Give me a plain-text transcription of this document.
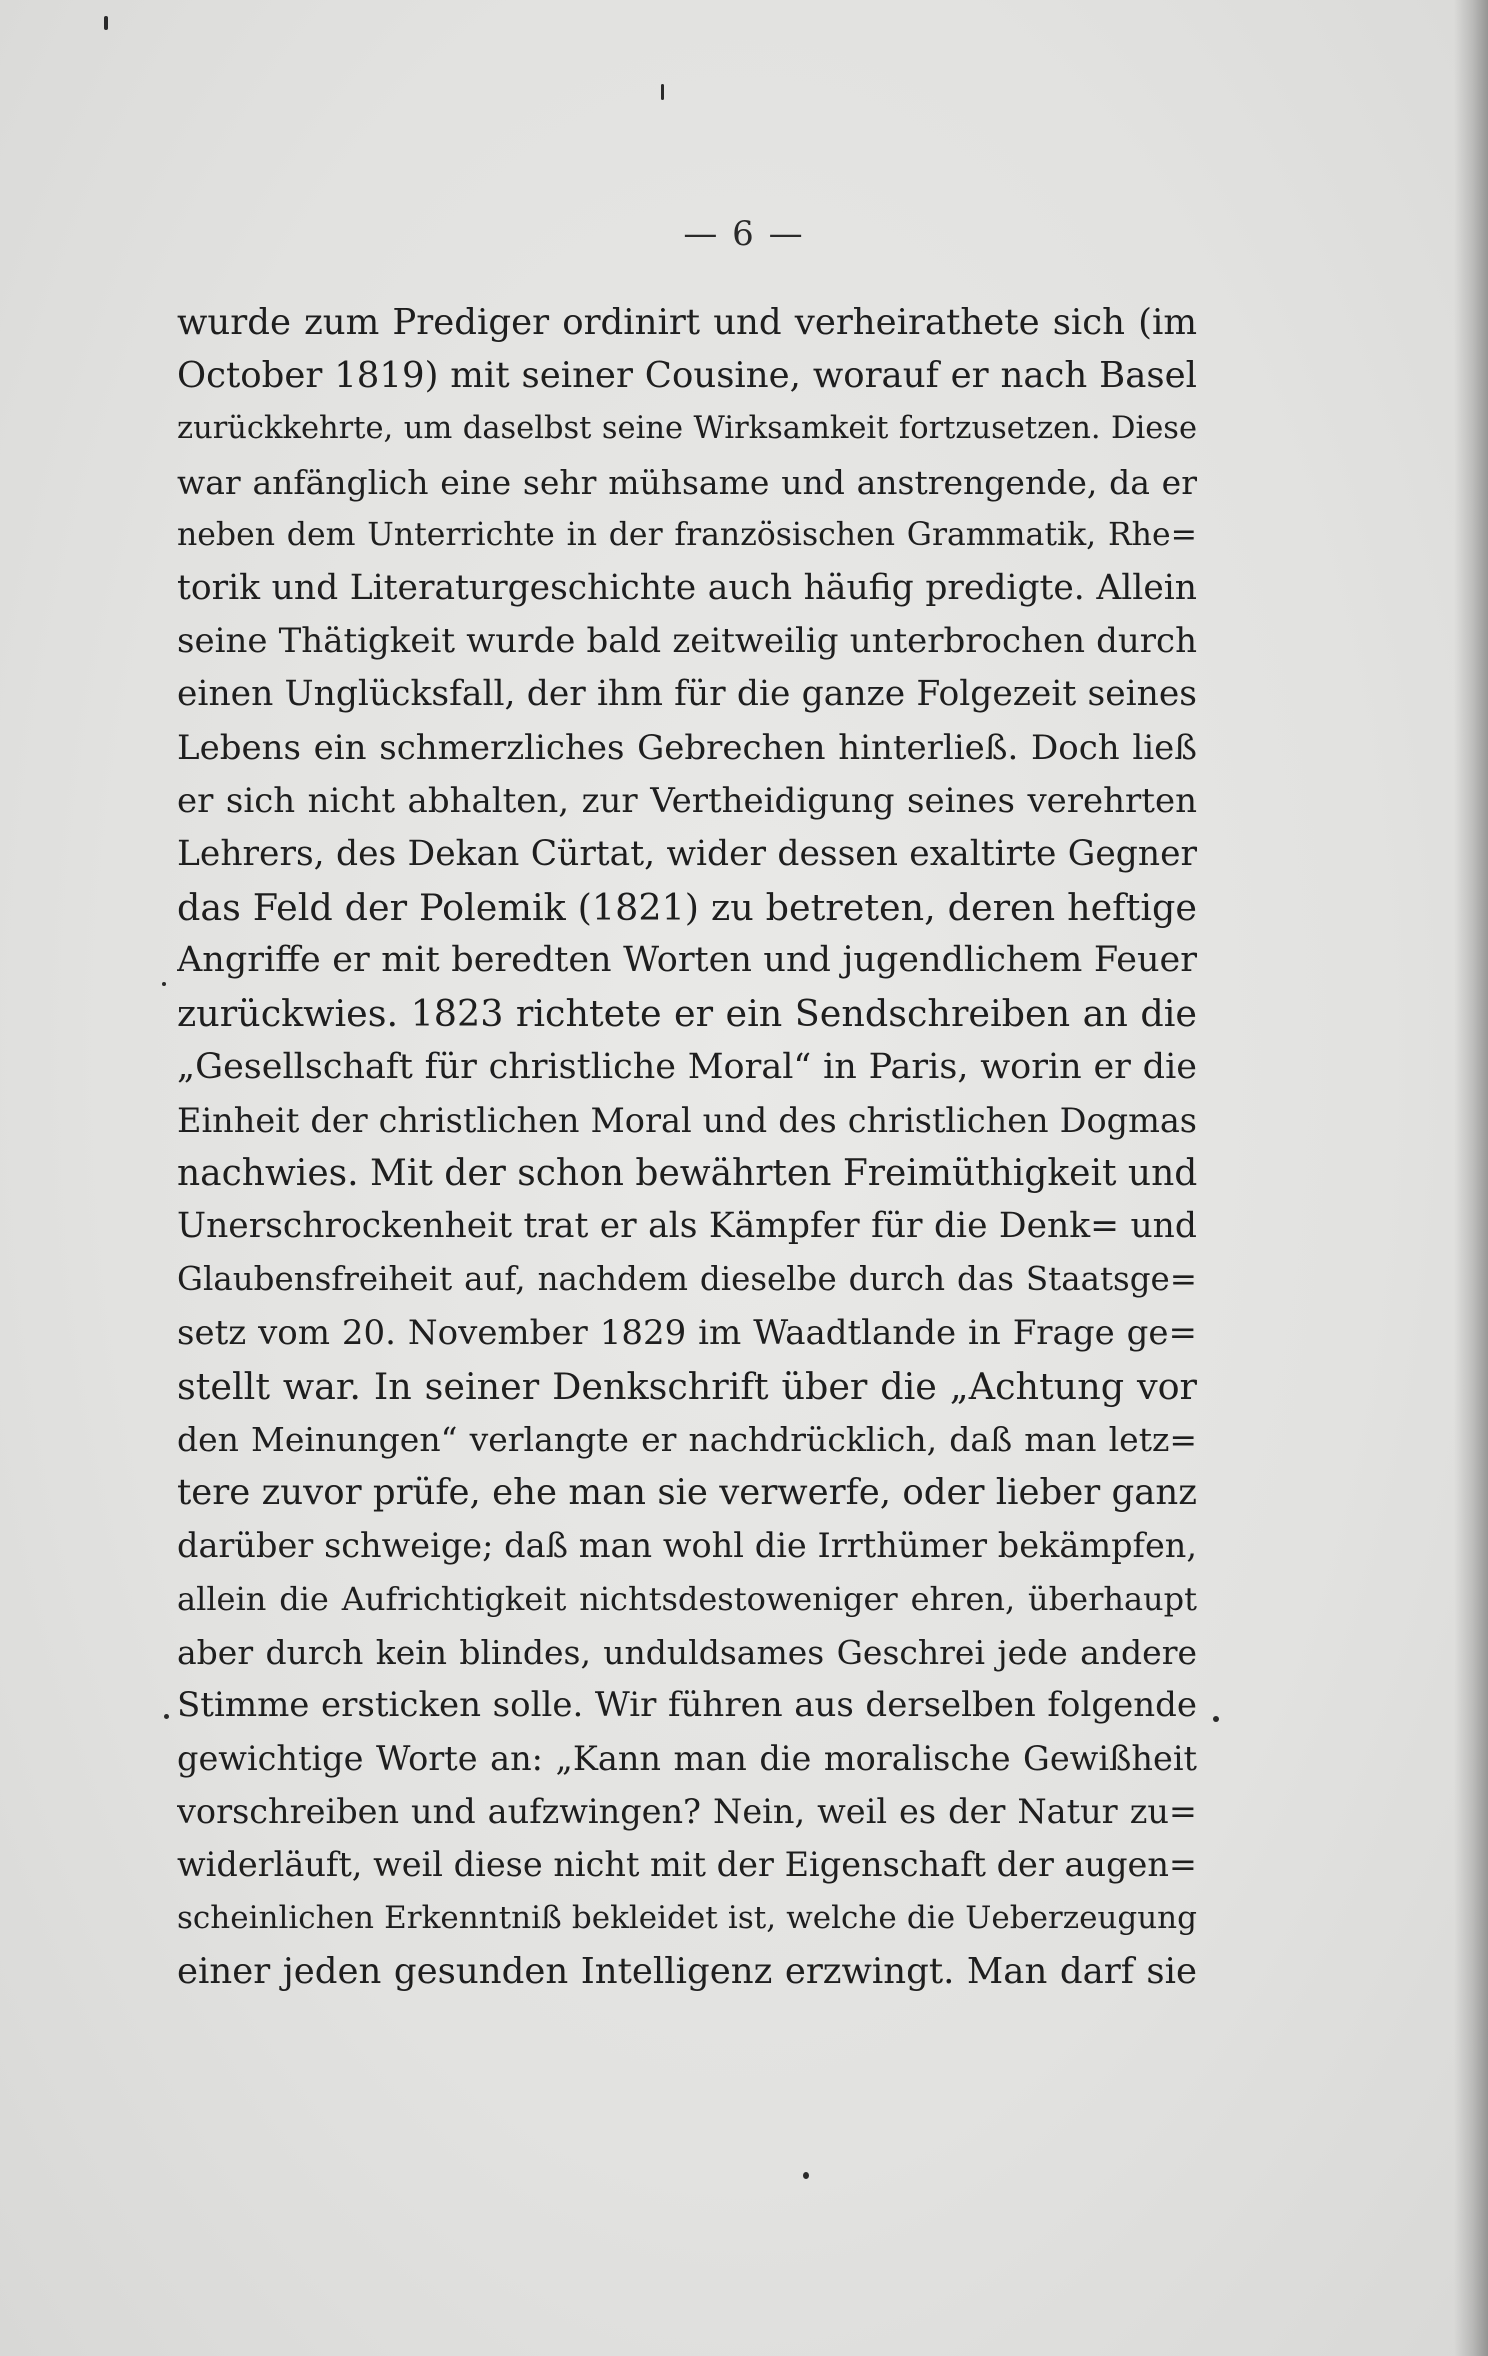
— 6 —
wurde zum Prediger ordinirt und verheirathete sich (im
October 1819) mit seiner Cousine, worauf er nach Basel
zurückkehrte, um daselbst seine Wirksamkeit fortzusetzen. Diese
war anfänglich eine sehr mühsame und anstrengende, da er
neben dem Unterrichte in der französischen Grammatik, Rhe=
torik und Literaturgeschichte auch häufig predigte. Allein
seine Thätigkeit wurde bald zeitweilig unterbrochen durch
einen Unglücksfall, der ihm für die ganze Folgezeit seines
Lebens ein schmerzliches Gebrechen hinterließ. Doch ließ
er sich nicht abhalten, zur Vertheidigung seines verehrten
Lehrers, des Dekan Cürtat, wider dessen exaltirte Gegner
das Feld der Polemik (1821) zu betreten, deren heftige
Angriffe er mit beredten Worten und jugendlichem Feuer
zurückwies. 1823 richtete er ein Sendschreiben an die
„Gesellschaft für christliche Moral“ in Paris, worin er die
Einheit der christlichen Moral und des christlichen Dogmas
nachwies. Mit der schon bewährten Freimüthigkeit und
Unerschrockenheit trat er als Kämpfer für die Denk= und
Glaubensfreiheit auf, nachdem dieselbe durch das Staatsge=
setz vom 20. November 1829 im Waadtlande in Frage ge=
stellt war. In seiner Denkschrift über die „Achtung vor
den Meinungen“ verlangte er nachdrücklich, daß man letz=
tere zuvor prüfe, ehe man sie verwerfe, oder lieber ganz
darüber schweige; daß man wohl die Irrthümer bekämpfen,
allein die Aufrichtigkeit nichtsdestoweniger ehren, überhaupt
aber durch kein blindes, unduldsames Geschrei jede andere
Stimme ersticken solle. Wir führen aus derselben folgende
gewichtige Worte an: „Kann man die moralische Gewißheit
vorschreiben und aufzwingen? Nein, weil es der Natur zu=
widerläuft, weil diese nicht mit der Eigenschaft der augen=
scheinlichen Erkenntniß bekleidet ist, welche die Ueberzeugung
einer jeden gesunden Intelligenz erzwingt. Man darf sie
